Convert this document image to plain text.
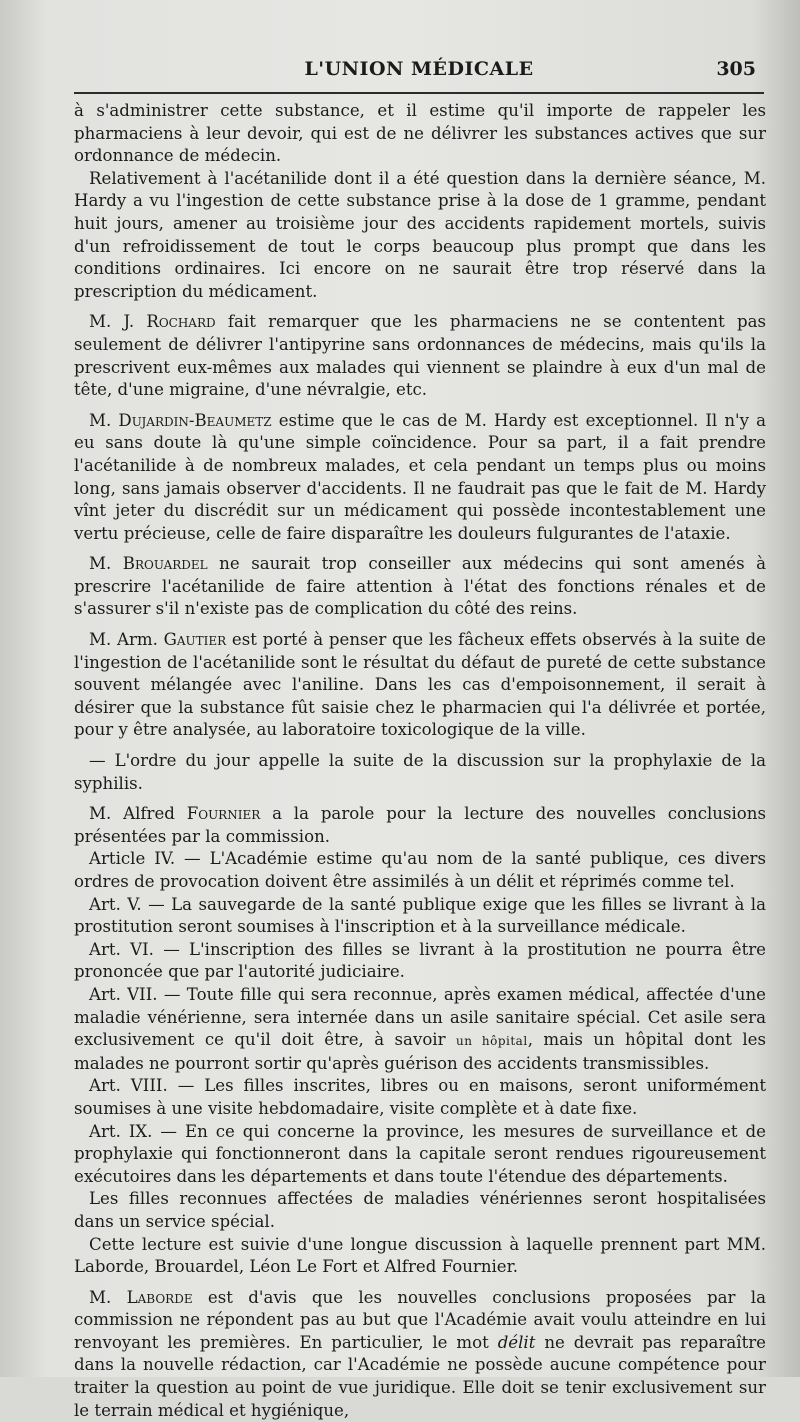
L'UNION MÉDICALE	305

à s'administrer cette substance, et il estime qu'il importe de rappeler les pharmaciens à leur devoir, qui est de ne délivrer les substances actives que sur ordonnance de médecin.

Relativement à l'acétanilide dont il a été question dans la dernière séance, M. Hardy a vu l'ingestion de cette substance prise à la dose de 1 gramme, pendant huit jours, amener au troisième jour des accidents rapidement mortels, suivis d'un refroidissement de tout le corps beaucoup plus prompt que dans les conditions ordinaires. Ici encore on ne saurait être trop réservé dans la prescription du médicament.

M. J. Rochard fait remarquer que les pharmaciens ne se contentent pas seulement de délivrer l'antipyrine sans ordonnances de médecins, mais qu'ils la prescrivent eux-mêmes aux malades qui viennent se plaindre à eux d'un mal de tête, d'une migraine, d'une névralgie, etc.

M. Dujardin-Beaumetz estime que le cas de M. Hardy est exceptionnel. Il n'y a eu sans doute là qu'une simple coïncidence. Pour sa part, il a fait prendre l'acétanilide à de nombreux malades, et cela pendant un temps plus ou moins long, sans jamais observer d'accidents. Il ne faudrait pas que le fait de M. Hardy vînt jeter du discrédit sur un médicament qui possède incontestablement une vertu précieuse, celle de faire disparaître les douleurs fulgurantes de l'ataxie.

M. Brouardel ne saurait trop conseiller aux médecins qui sont amenés à prescrire l'acétanilide de faire attention à l'état des fonctions rénales et de s'assurer s'il n'existe pas de complication du côté des reins.

M. Arm. Gautier est porté à penser que les fâcheux effets observés à la suite de l'ingestion de l'acétanilide sont le résultat du défaut de pureté de cette substance souvent mélangée avec l'aniline. Dans les cas d'empoisonnement, il serait à désirer que la substance fût saisie chez le pharmacien qui l'a délivrée et portée, pour y être analysée, au laboratoire toxicologique de la ville.

— L'ordre du jour appelle la suite de la discussion sur la prophylaxie de la syphilis.

M. Alfred Fournier a la parole pour la lecture des nouvelles conclusions présentées par la commission.

Article IV. — L'Académie estime qu'au nom de la santé publique, ces divers ordres de provocation doivent être assimilés à un délit et réprimés comme tel.

Art. V. — La sauvegarde de la santé publique exige que les filles se livrant à la prostitution seront soumises à l'inscription et à la surveillance médicale.

Art. VI. — L'inscription des filles se livrant à la prostitution ne pourra être prononcée que par l'autorité judiciaire.

Art. VII. — Toute fille qui sera reconnue, après examen médical, affectée d'une maladie vénérienne, sera internée dans un asile sanitaire spécial. Cet asile sera exclusivement ce qu'il doit être, à savoir un hôpital, mais un hôpital dont les malades ne pourront sortir qu'après guérison des accidents transmissibles.

Art. VIII. — Les filles inscrites, libres ou en maisons, seront uniformément soumises à une visite hebdomadaire, visite complète et à date fixe.

Art. IX. — En ce qui concerne la province, les mesures de surveillance et de prophylaxie qui fonctionneront dans la capitale seront rendues rigoureusement exécutoires dans les départements et dans toute l'étendue des départements.

Les filles reconnues affectées de maladies vénériennes seront hospitalisées dans un service spécial.

Cette lecture est suivie d'une longue discussion à laquelle prennent part MM. Laborde, Brouardel, Léon Le Fort et Alfred Fournier.

M. Laborde est d'avis que les nouvelles conclusions proposées par la commission ne répondent pas au but que l'Académie avait voulu atteindre en lui renvoyant les premières. En particulier, le mot délit ne devrait pas reparaître dans la nouvelle rédaction, car l'Académie ne possède aucune compétence pour traiter la question au point de vue juridique. Elle doit se tenir exclusivement sur le terrain médical et hygiénique,
